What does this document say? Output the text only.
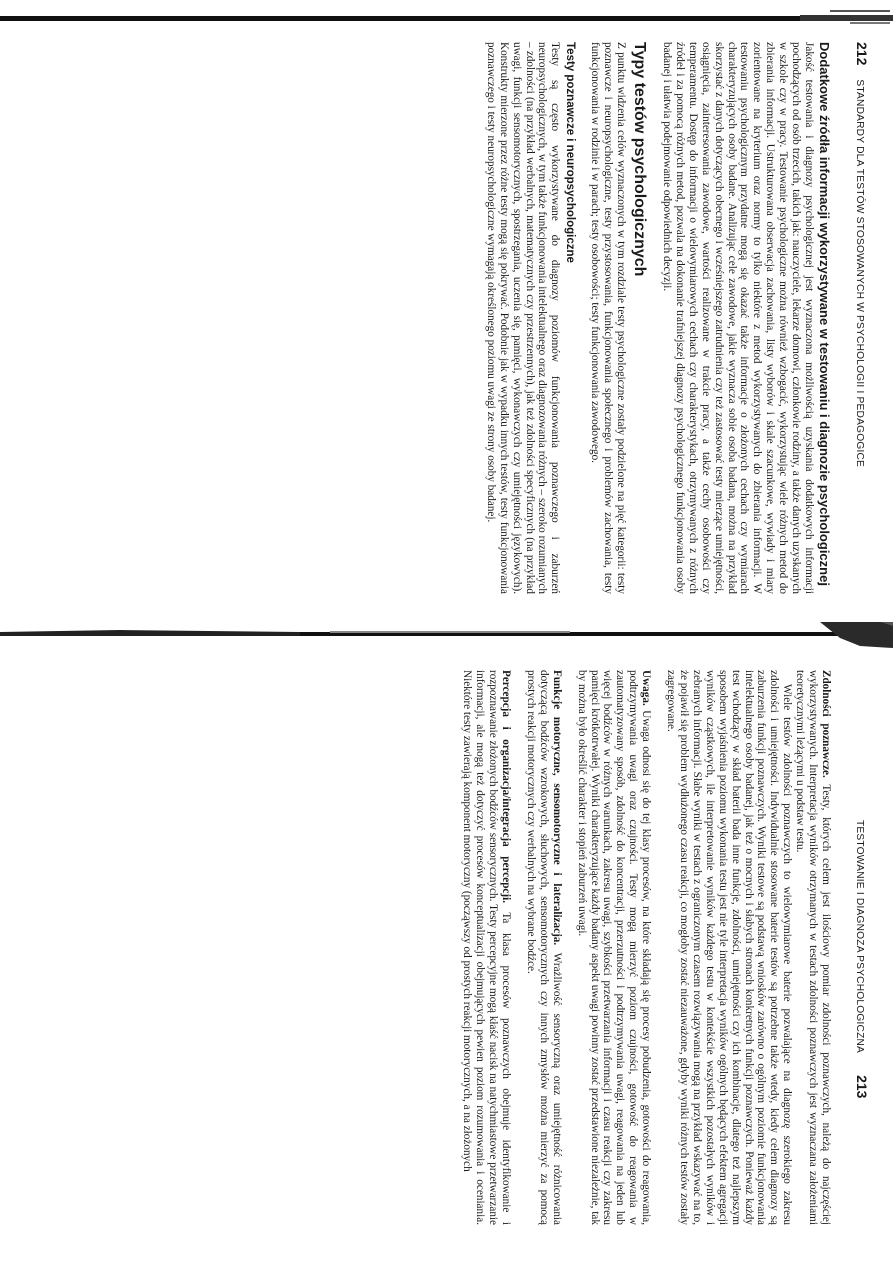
212 STANDARDY DLA TESTÓW STOSOWANYCH W PSYCHOLOGII I PEDAGOGICE
Dodatkowe źródła informacji wykorzystywane w testowaniu i diagnozie psychologicznej

Jakość testowania i diagnozy psychologicznej jest wyznaczona możliwością uzyskania dodatkowych informacji pochodzących od osób trzecich, takich jak: nauczyciele, lekarze domowi, członkowie rodziny, a także danych uzyskanych w szkole czy w pracy. Testowanie psychologiczne można również wzbogacić, wykorzystując wiele różnych metod do zbierania informacji. Ustrukturowana obserwacja zachowania, listy wyborów i skale szacunkowe, wywiady i miary zorientowane na kryterium oraz normy to tylko niektóre z metod wykorzystywanych do zbierania informacji. W testowaniu psychologicznym przydatne mogą się okazać także informacje o złożonych cechach czy wymiarach charakteryzujących osoby badane. Analizując cele zawodowe, jakie wyznacza sobie osoba badana, można na przykład skorzystać z danych dotyczących obecnego i wcześniejszego zatrudnienia czy też zastosować testy mierzące umiejętności, osiągnięcia, zainteresowania zawodowe, wartości realizowane w trakcie pracy, a także cechy osobowości czy temperamentu. Dostęp do informacji o wielowymiarowych cechach czy charakterystykach, otrzymywanych z różnych źródeł i za pomocą różnych metod, pozwala na dokonanie trafniejszej diagnozy psychologicznego funkcjonowania osoby badanej i ułatwia podejmowanie odpowiednich decyzji.

Typy testów psychologicznych

Z punktu widzenia celów wyznaczonych w tym rozdziale testy psychologiczne zostały podzielone na pięć kategorii: testy poznawcze i neuropsychologiczne, testy przystosowania, funkcjonowania społecznego i problemów zachowania, testy funkcjonowania w rodzinie i w parach; testy osobowości; testy funkcjonowania zawodowego.

Testy poznawcze i neuropsychologiczne

Testy są często wykorzystywane do diagnozy poziomów funkcjonowania poznawczego i zaburzeń neuropsychologicznych, w tym także funkcjonowania intelektualnego oraz diagnozowania różnych – szeroko rozumianych – zdolności (na przykład werbalnych, matematycznych czy przestrzennych), jak też zdolności specyficznych (na przykład uwagi, funkcji sensomotorycznych, spostrzegania, uczenia się, pamięci, wykonawczych czy umiejętności językowych). Konstrukty mierzone przez różne testy mogą się pokrywać. Podobnie jak w wypadku innych testów, testy funkcjonowania poznawczego i testy neuropsychologiczne wymagają określonego poziomu uwagi ze strony osoby badanej.

TESTOWANIE I DIAGNOZA PSYCHOLOGICZNA 213

Zdolności poznawcze. Testy, których celem jest ilościowy pomiar zdolności poznawczych, należą do najczęściej wykorzystywanych. Interpretacja wyników otrzymanych w testach zdolności poznawczych jest wyznaczana założeniami teoretycznymi leżącymi u podstaw testu.

Wiele testów zdolności poznawczych to wielowymiarowe baterie pozwalające na diagnozę szerokiego zakresu zdolności i umiejętności. Indywidualnie stosowane baterie testów są potrzebne także wtedy, kiedy celem diagnozy są zaburzenia funkcji poznawczych. Wyniki testowe są podstawą wniosków zarówno o ogólnym poziomie funkcjonowania intelektualnego osoby badanej, jak też o mocnych i słabych stronach konkretnych funkcji poznawczych. Ponieważ każdy test wchodzący w skład baterii bada inne funkcje, zdolności, umiejętności czy ich kombinacje, dlatego też najlepszym sposobem wyjaśnienia poziomu wykonania testu jest nie tyle interpretacja wyników ogólnych będących efektem agregacji wyników cząstkowych, ile interpretowanie wyników każdego testu w kontekście wszystkich pozostałych wyników i zebranych informacji. Słabe wyniki w testach z ograniczonym czasem rozwiązywania mogą na przykład wskazywać na to, że pojawił się problem wydłużonego czasu reakcji, co mogłoby zostać niezauważone, gdyby wyniki różnych testów zostały zagregowane.

Uwaga. Uwaga odnosi się do tej klasy procesów, na które składają się procesy pobudzenia, gotowości do reagowania, podtrzymywania uwagi oraz czujności. Testy mogą mierzyć poziom czujności, gotowość do reagowania w zautomatyzowany sposób, zdolność do koncentracji, przerzutności i podtrzymywania uwagi, reagowania na jeden lub więcej bodźców w różnych warunkach, zakresu uwagi, szybkości przetwarzania informacji i czasu reakcji czy zakresu pamięci krótkotrwałej. Wyniki charakteryzujące każdy badany aspekt uwagi powinny zostać przedstawione niezależnie, tak by można było określić charakter i stopień zaburzeń uwagi.

Funkcje motoryczne, sensomotoryczne i lateralizacja. Wrażliwość sensoryczną oraz umiejętność różnicowania dotyczącą bodźców wzrokowych, słuchowych, sensomotorycznych czy innych zmysłów można mierzyć za pomocą prostych reakcji motorycznych czy werbalnych na wybrane bodźce.

Percepcja i organizacja/integracja percepcji. Ta klasa procesów poznawczych obejmuje identyfikowanie i rozpoznawanie złożonych bodźców sensorycznych. Testy percepcyjne mogą kłaść nacisk na natychmiastowe przetwarzanie informacji, ale mogą też dotyczyć procesów konceptualizacji obejmujących pewien poziom rozumowania i oceniania. Niektóre testy zawierają komponent motoryczny (począwszy od prostych reakcji motorycznych, a na złożonych
